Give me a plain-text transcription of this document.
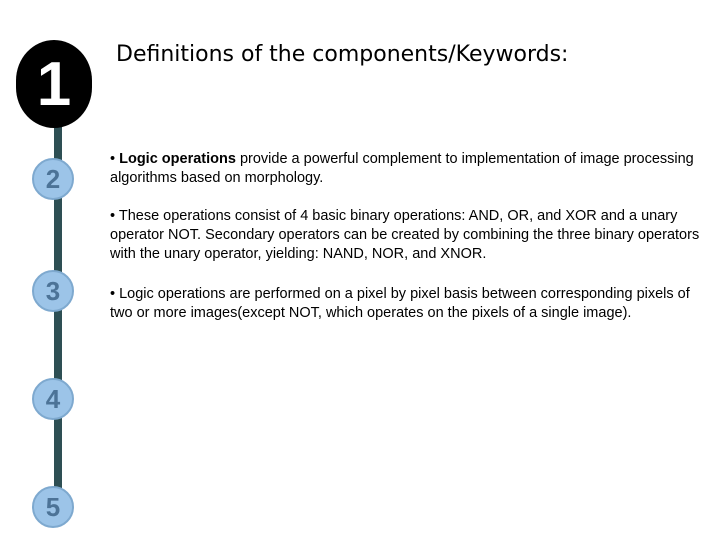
1
2
3
4
5
Definitions of the components/Keywords:

• Logic operations provide a powerful complement to implementation of image processing algorithms based on morphology.

• These operations consist of 4 basic binary operations: AND, OR, and XOR and a unary operator NOT. Secondary operators can be created by combining the three binary operators with the unary operator, yielding: NAND, NOR, and XNOR.

• Logic operations are performed on a pixel by pixel basis between corresponding pixels of two or more images(except NOT, which operates on the pixels of a single image).
